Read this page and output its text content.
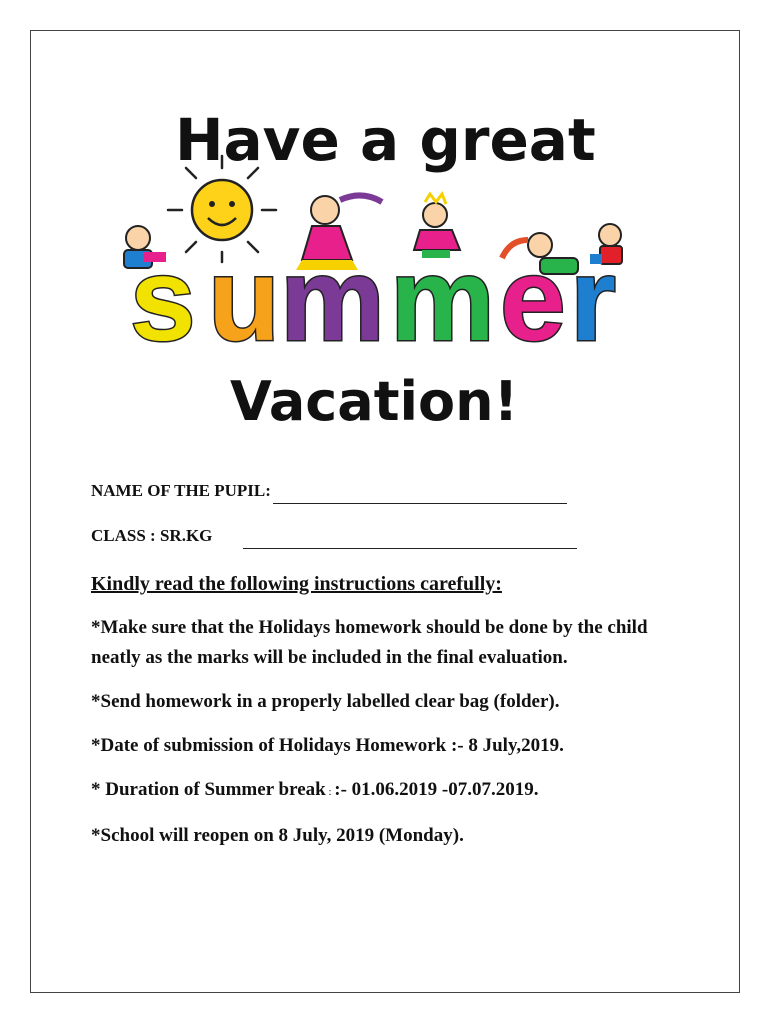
Have a great
s u m m e r
Vacation!
NAME OF THE PUPIL:
CLASS : SR.KG
Kindly read the following instructions carefully:
*Make sure that the Holidays homework should be done by the child neatly as the marks will be included in the final evaluation.
*Send homework in a properly labelled clear bag (folder).
*Date of submission of Holidays Homework :- 8 July,2019.
* Duration of Summer break : :- 01.06.2019 -07.07.2019.
*School will reopen on 8 July, 2019 (Monday).
